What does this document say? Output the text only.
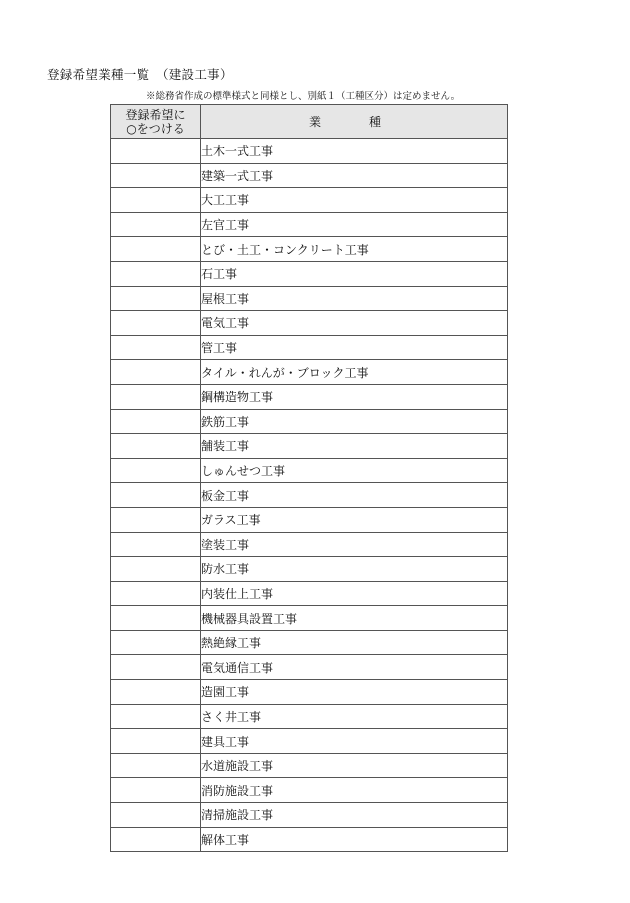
登録希望業種一覧　（建設工事）
※総務省作成の標準様式と同様とし、別紙１（工種区分）は定めません。
登録希望に
○をつける	業　種
	土木一式工事
	建築一式工事
	大工工事
	左官工事
	とび・土工・コンクリート工事
	石工事
	屋根工事
	電気工事
	管工事
	タイル・れんが・ブロック工事
	鋼構造物工事
	鉄筋工事
	舗装工事
	しゅんせつ工事
	板金工事
	ガラス工事
	塗装工事
	防水工事
	内装仕上工事
	機械器具設置工事
	熱絶縁工事
	電気通信工事
	造園工事
	さく井工事
	建具工事
	水道施設工事
	消防施設工事
	清掃施設工事
	解体工事
